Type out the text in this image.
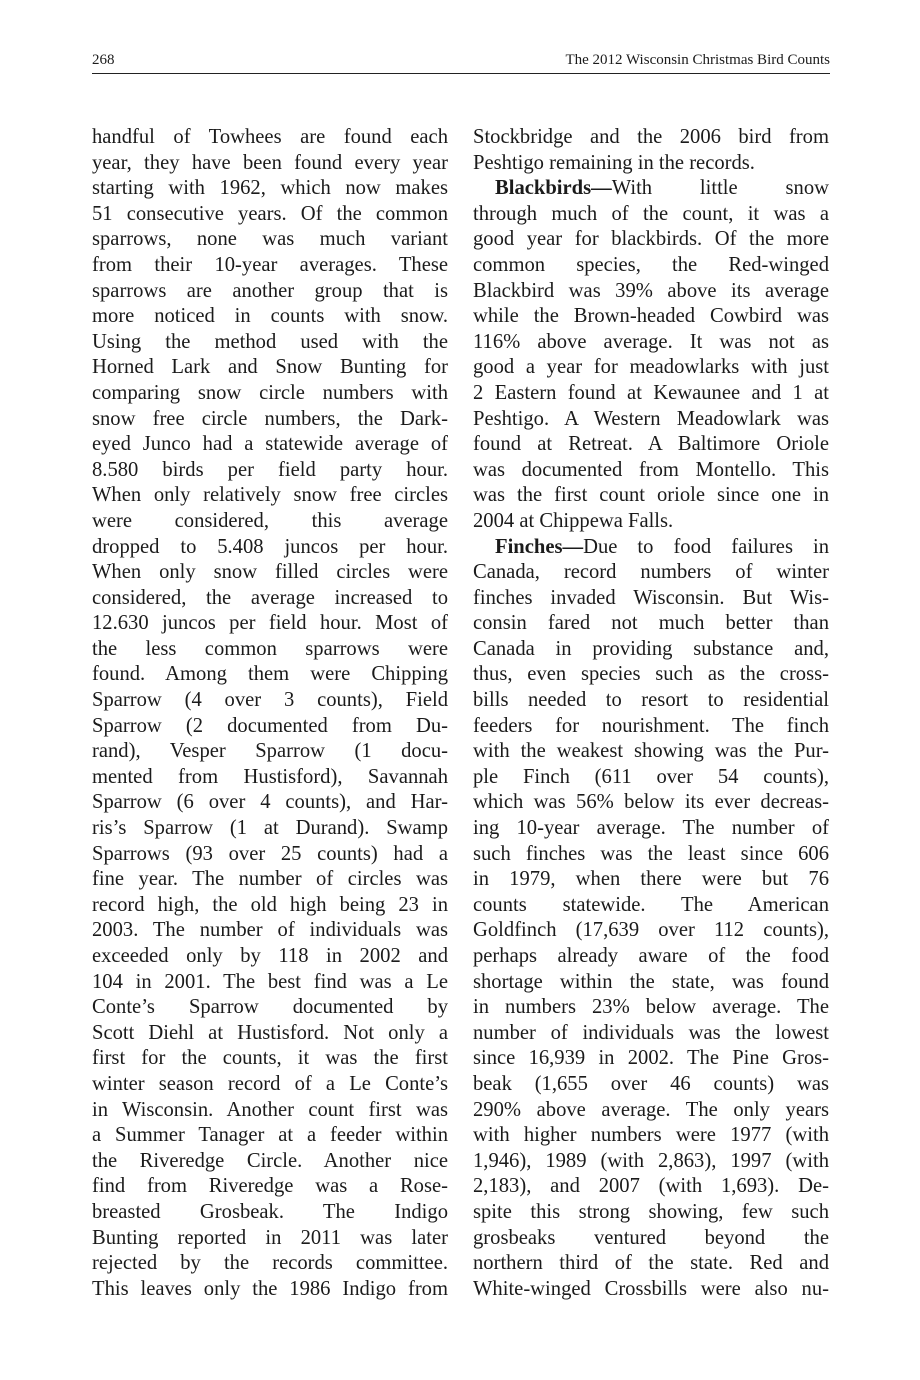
268	The 2012 Wisconsin Christmas Bird Counts
handful of Towhees are found each
year, they have been found every year
starting with 1962, which now makes
51 consecutive years. Of the common
sparrows, none was much variant
from their 10-year averages. These
sparrows are another group that is
more noticed in counts with snow.
Using the method used with the
Horned Lark and Snow Bunting for
comparing snow circle numbers with
snow free circle numbers, the Dark-
eyed Junco had a statewide average of
8.580 birds per field party hour.
When only relatively snow free circles
were considered, this average
dropped to 5.408 juncos per hour.
When only snow filled circles were
considered, the average increased to
12.630 juncos per field hour. Most of
the less common sparrows were
found. Among them were Chipping
Sparrow (4 over 3 counts), Field
Sparrow (2 documented from Du-
rand), Vesper Sparrow (1 docu-
mented from Hustisford), Savannah
Sparrow (6 over 4 counts), and Har-
ris’s Sparrow (1 at Durand). Swamp
Sparrows (93 over 25 counts) had a
fine year. The number of circles was
record high, the old high being 23 in
2003. The number of individuals was
exceeded only by 118 in 2002 and
104 in 2001. The best find was a Le
Conte’s Sparrow documented by
Scott Diehl at Hustisford. Not only a
first for the counts, it was the first
winter season record of a Le Conte’s
in Wisconsin. Another count first was
a Summer Tanager at a feeder within
the Riveredge Circle. Another nice
find from Riveredge was a Rose-
breasted Grosbeak. The Indigo
Bunting reported in 2011 was later
rejected by the records committee.
This leaves only the 1986 Indigo from
Stockbridge and the 2006 bird from
Peshtigo remaining in the records.
Blackbirds—With little snow
through much of the count, it was a
good year for blackbirds. Of the more
common species, the Red-winged
Blackbird was 39% above its average
while the Brown-headed Cowbird was
116% above average. It was not as
good a year for meadowlarks with just
2 Eastern found at Kewaunee and 1 at
Peshtigo. A Western Meadowlark was
found at Retreat. A Baltimore Oriole
was documented from Montello. This
was the first count oriole since one in
2004 at Chippewa Falls.
Finches—Due to food failures in
Canada, record numbers of winter
finches invaded Wisconsin. But Wis-
consin fared not much better than
Canada in providing substance and,
thus, even species such as the cross-
bills needed to resort to residential
feeders for nourishment. The finch
with the weakest showing was the Pur-
ple Finch (611 over 54 counts),
which was 56% below its ever decreas-
ing 10-year average. The number of
such finches was the least since 606
in 1979, when there were but 76
counts statewide. The American
Goldfinch (17,639 over 112 counts),
perhaps already aware of the food
shortage within the state, was found
in numbers 23% below average. The
number of individuals was the lowest
since 16,939 in 2002. The Pine Gros-
beak (1,655 over 46 counts) was
290% above average. The only years
with higher numbers were 1977 (with
1,946), 1989 (with 2,863), 1997 (with
2,183), and 2007 (with 1,693). De-
spite this strong showing, few such
grosbeaks ventured beyond the
northern third of the state. Red and
White-winged Crossbills were also nu-
